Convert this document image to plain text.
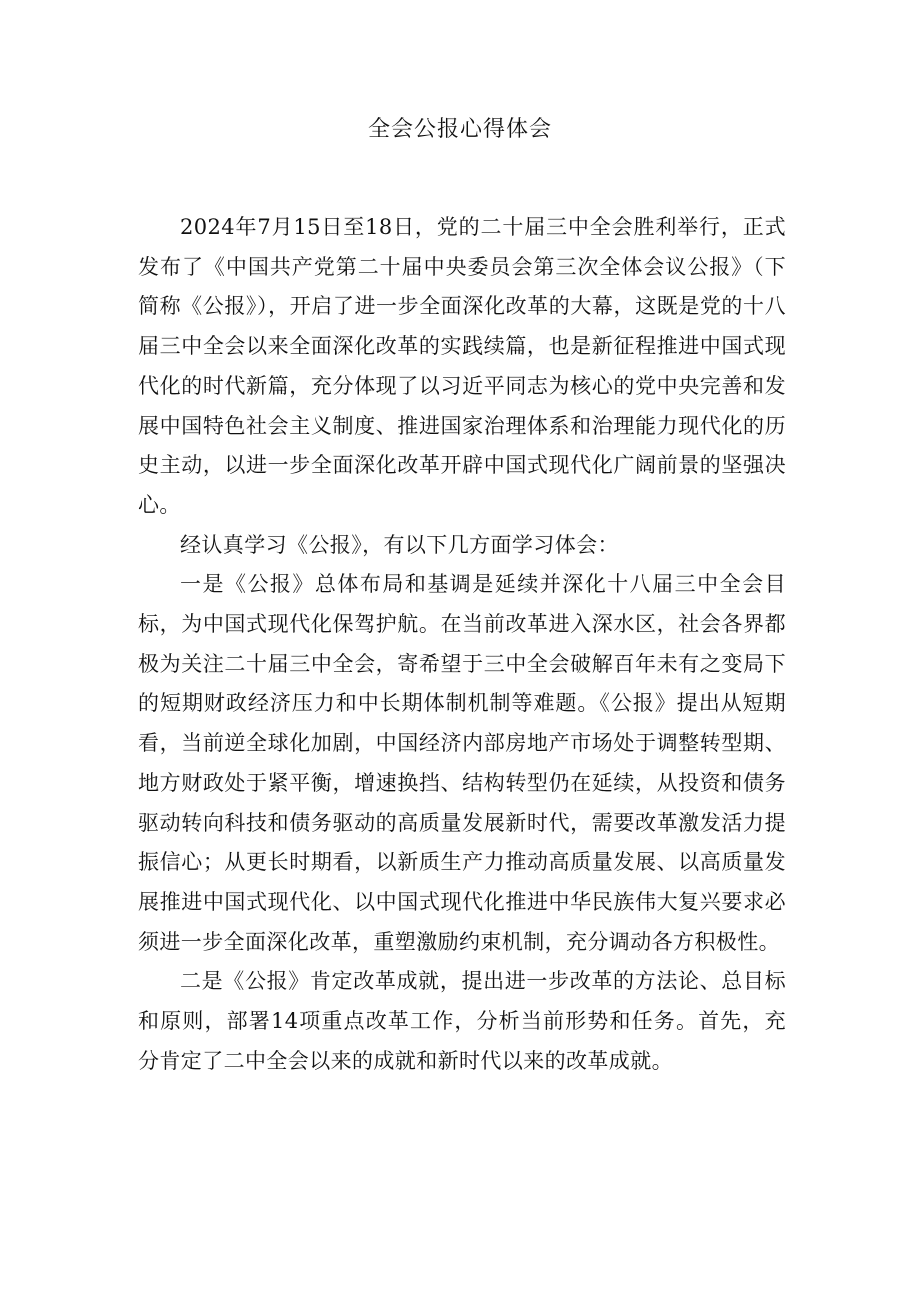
全会公报心得体会

2024年7月15日至18日，党的二十届三中全会胜利举行，正式发布了《中国共产党第二十届中央委员会第三次全体会议公报》（下简称《公报》），开启了进一步全面深化改革的大幕，这既是党的十八届三中全会以来全面深化改革的实践续篇，也是新征程推进中国式现代化的时代新篇，充分体现了以习近平同志为核心的党中央完善和发展中国特色社会主义制度、推进国家治理体系和治理能力现代化的历史主动，以进一步全面深化改革开辟中国式现代化广阔前景的坚强决心。

经认真学习《公报》，有以下几方面学习体会：

一是《公报》总体布局和基调是延续并深化十八届三中全会目标，为中国式现代化保驾护航。在当前改革进入深水区，社会各界都极为关注二十届三中全会，寄希望于三中全会破解百年未有之变局下的短期财政经济压力和中长期体制机制等难题。《公报》提出从短期看，当前逆全球化加剧，中国经济内部房地产市场处于调整转型期、地方财政处于紧平衡，增速换挡、结构转型仍在延续，从投资和债务驱动转向科技和债务驱动的高质量发展新时代，需要改革激发活力提振信心；从更长时期看，以新质生产力推动高质量发展、以高质量发展推进中国式现代化、以中国式现代化推进中华民族伟大复兴要求必须进一步全面深化改革，重塑激励约束机制，充分调动各方积极性。

二是《公报》肯定改革成就，提出进一步改革的方法论、总目标和原则，部署14项重点改革工作，分析当前形势和任务。首先，充分肯定了二中全会以来的成就和新时代以来的改革成就。
